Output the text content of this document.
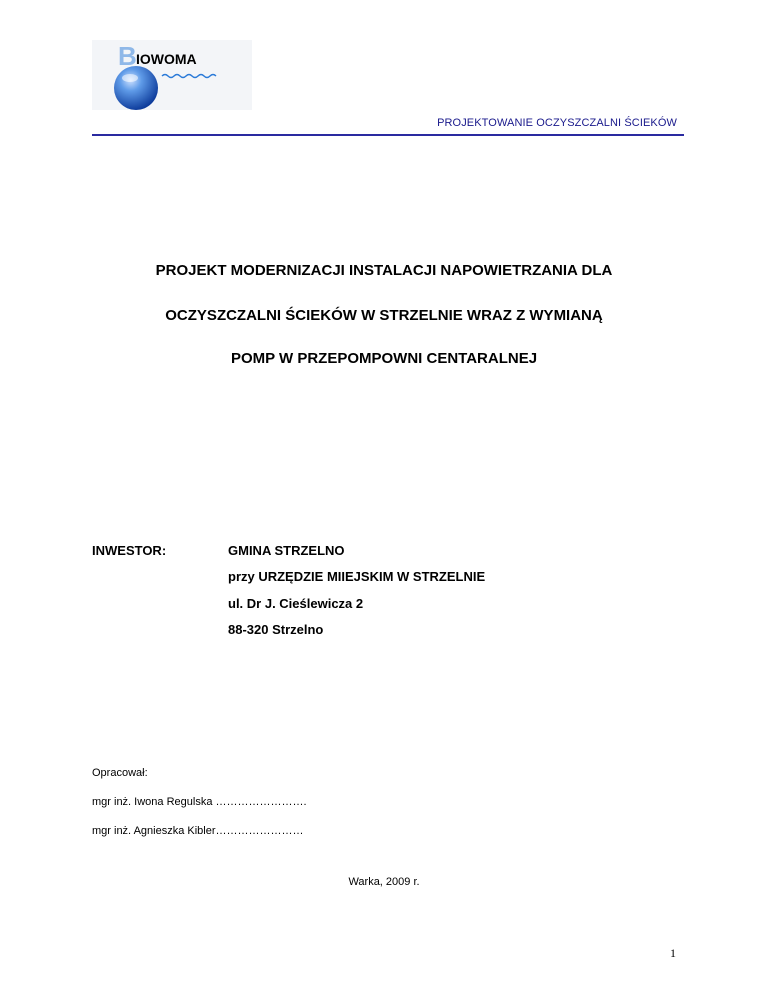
B IOWOMA
PROJEKTOWANIE OCZYSZCZALNI ŚCIEKÓW
PROJEKT MODERNIZACJI INSTALACJI NAPOWIETRZANIA DLA
OCZYSZCZALNI ŚCIEKÓW W STRZELNIE WRAZ Z WYMIANĄ
POMP W PRZEPOMPOWNI CENTARALNEJ
INWESTOR:	GMINA STRZELNO
przy URZĘDZIE MIIEJSKIM W STRZELNIE
ul. Dr J. Cieślewicza 2
88-320 Strzelno
Opracował:
mgr inż. Iwona Regulska …………………….
mgr inż. Agnieszka Kibler……………………
Warka, 2009 r.
1
